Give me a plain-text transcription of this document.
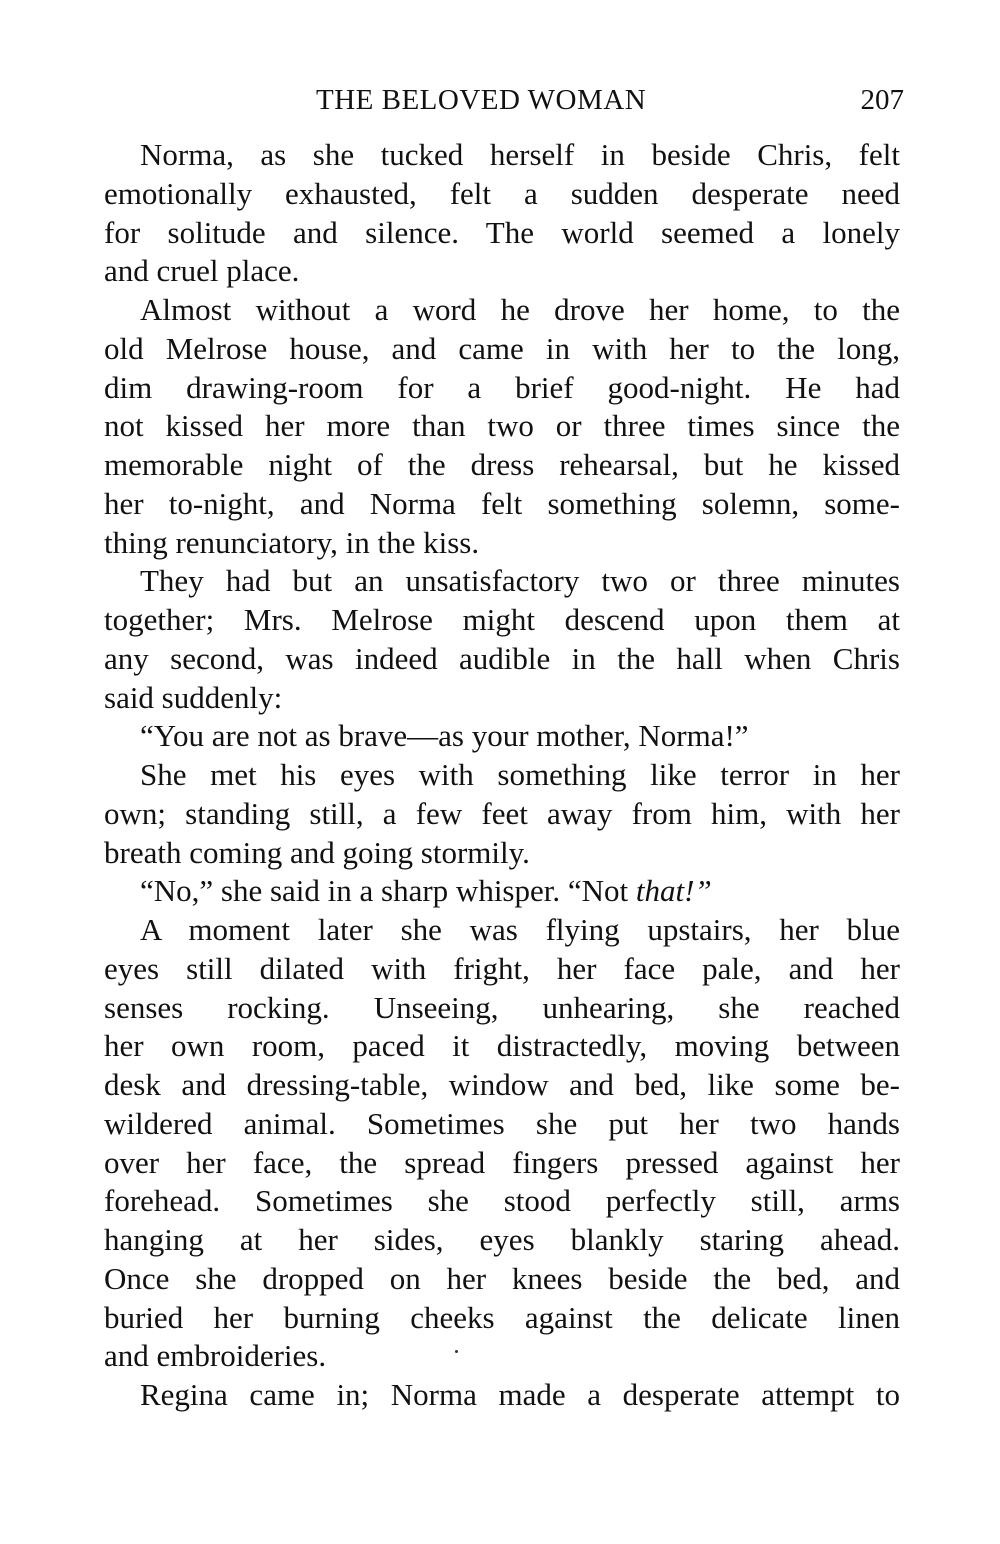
THE BELOVED WOMAN	207
Norma, as she tucked herself in beside Chris, felt
emotionally exhausted, felt a sudden desperate need
for solitude and silence. The world seemed a lonely
and cruel place.
Almost without a word he drove her home, to the
old Melrose house, and came in with her to the long,
dim drawing-room for a brief good-night. He had
not kissed her more than two or three times since the
memorable night of the dress rehearsal, but he kissed
her to-night, and Norma felt something solemn, some-
thing renunciatory, in the kiss.
They had but an unsatisfactory two or three minutes
together; Mrs. Melrose might descend upon them at
any second, was indeed audible in the hall when Chris
said suddenly:
“You are not as brave—as your mother, Norma!”
She met his eyes with something like terror in her
own; standing still, a few feet away from him, with her
breath coming and going stormily.
“No,” she said in a sharp whisper. “Not that!”
A moment later she was flying upstairs, her blue
eyes still dilated with fright, her face pale, and her
senses rocking. Unseeing, unhearing, she reached
her own room, paced it distractedly, moving between
desk and dressing-table, window and bed, like some be-
wildered animal. Sometimes she put her two hands
over her face, the spread fingers pressed against her
forehead. Sometimes she stood perfectly still, arms
hanging at her sides, eyes blankly staring ahead.
Once she dropped on her knees beside the bed, and
buried her burning cheeks against the delicate linen
and embroideries.
Regina came in; Norma made a desperate attempt to
